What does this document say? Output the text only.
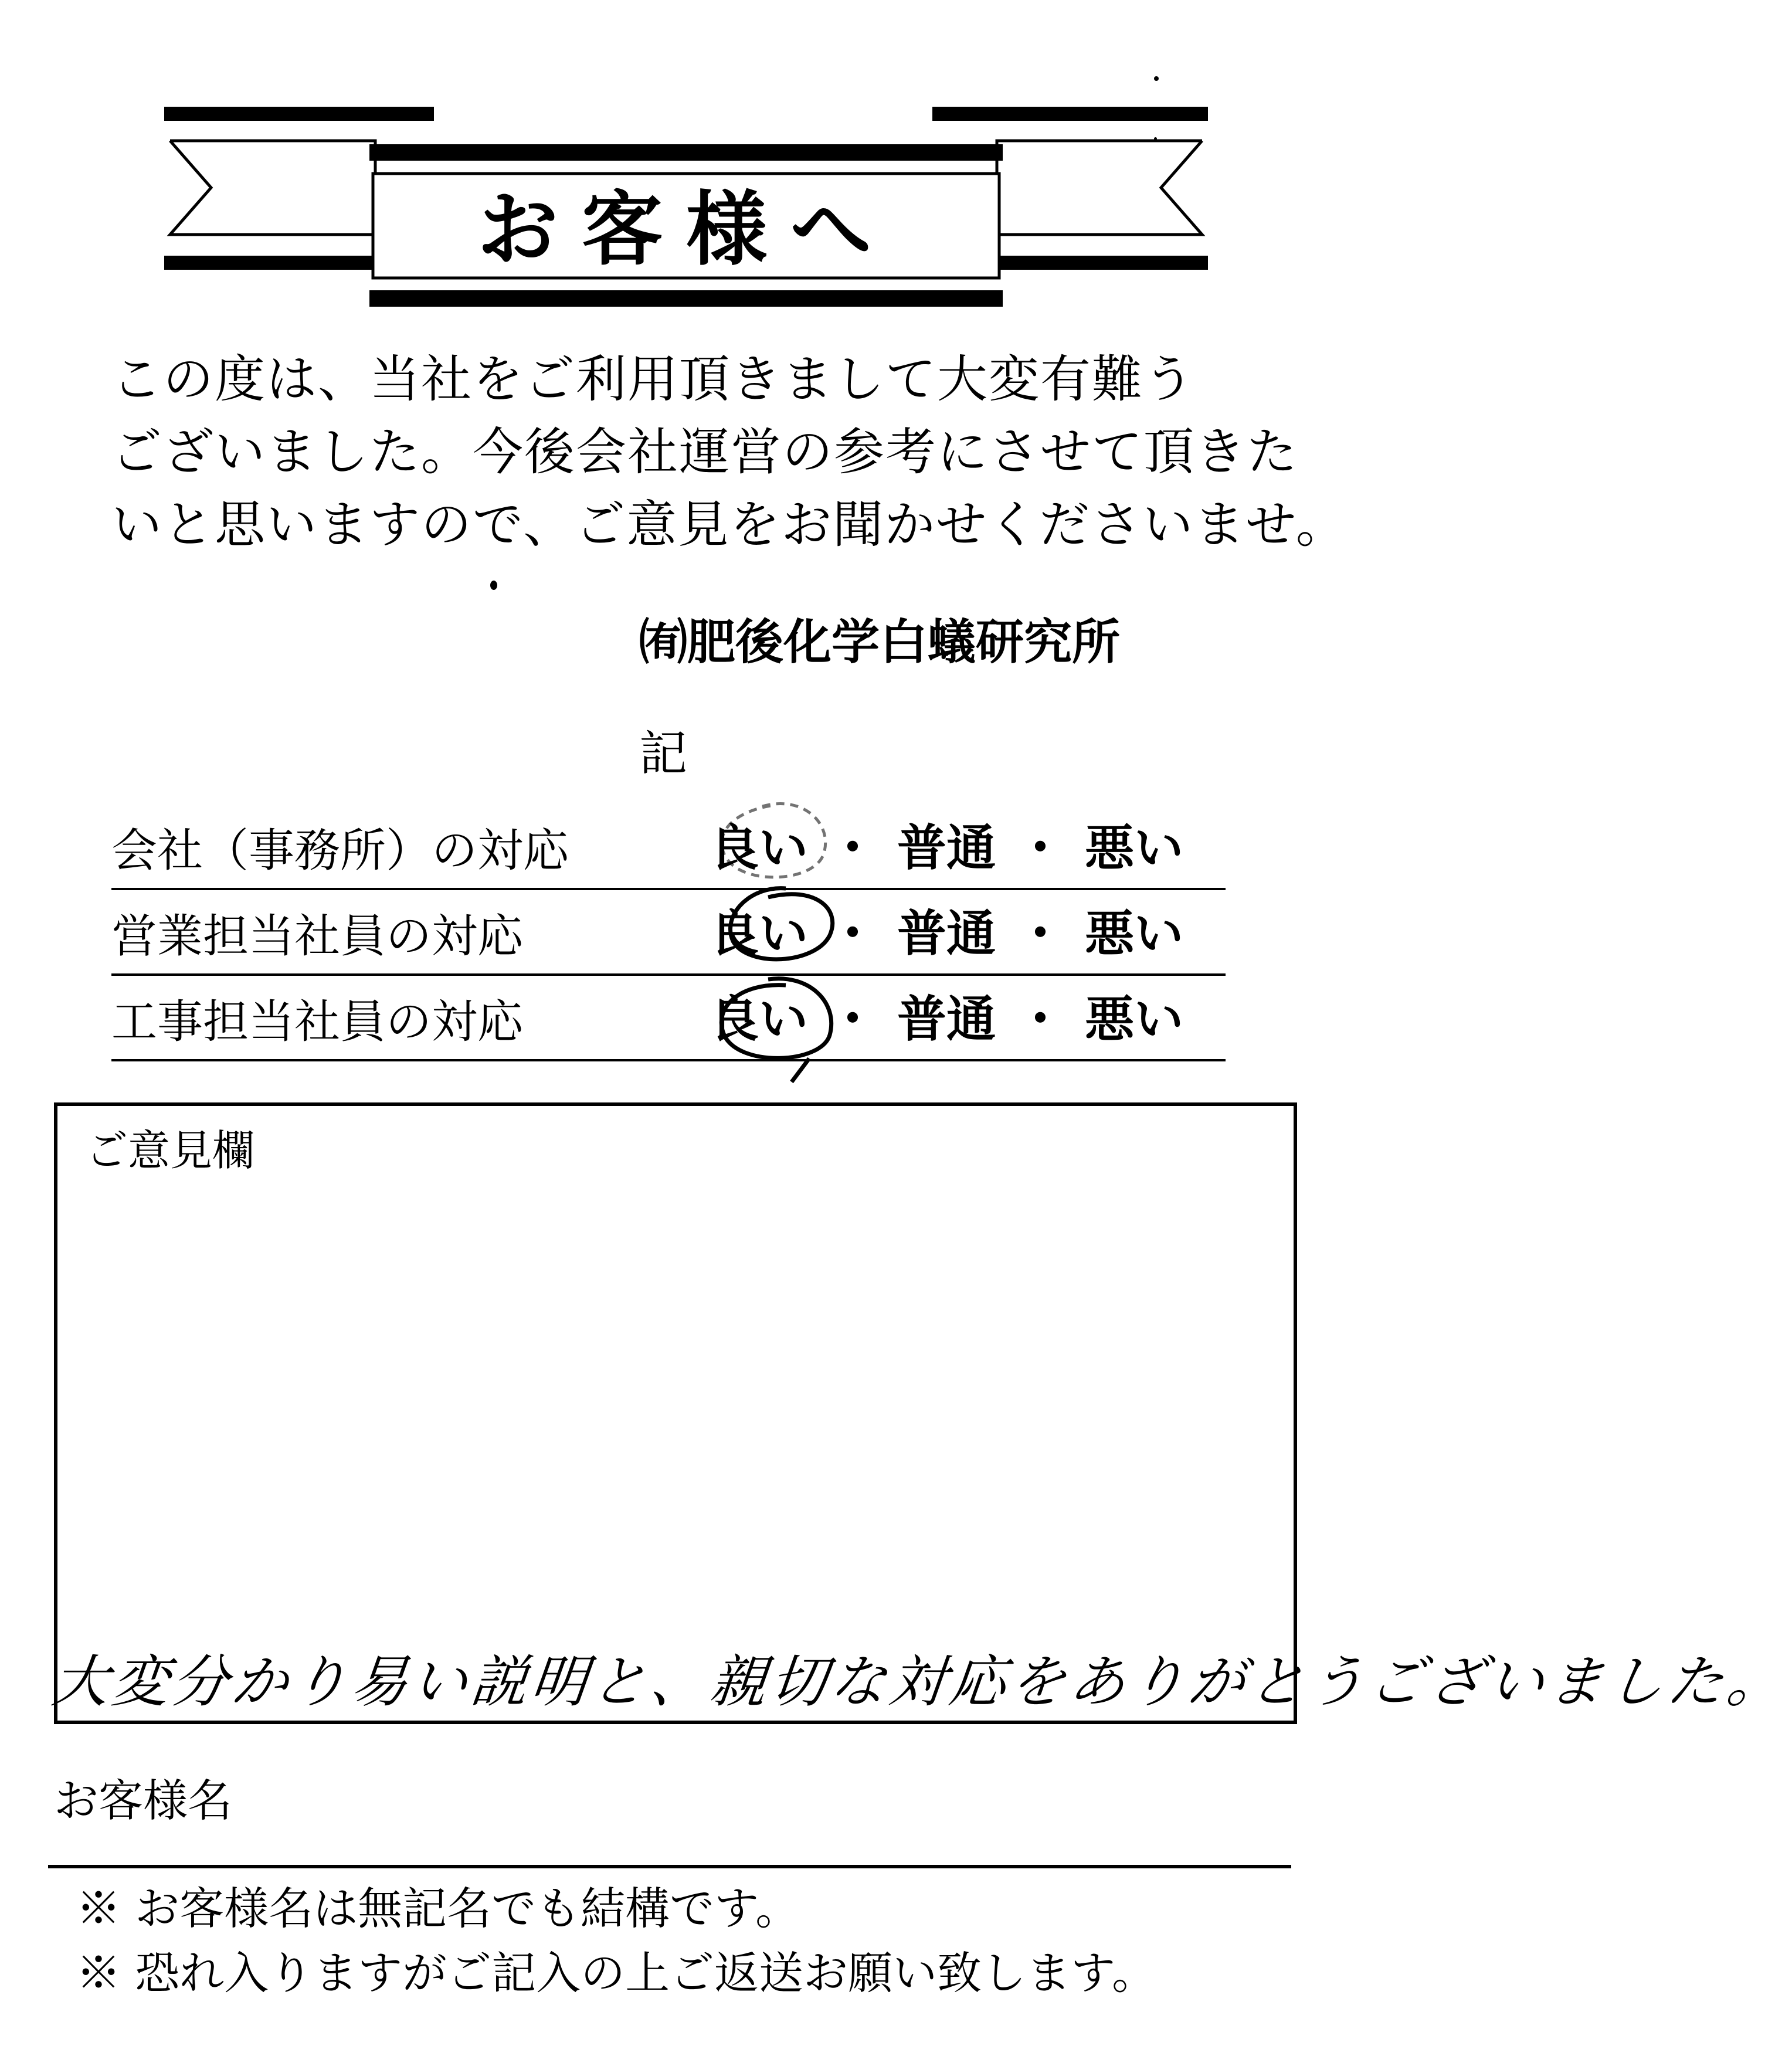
お客様へ
この度は、当社をご利用頂きまして大変有難う
ございました。今後会社運営の参考にさせて頂きた
いと思いますので、ご意見をお聞かせくださいませ。
㈲肥後化学白蟻研究所
記
会社（事務所）の対応	良い ・ 普通 ・ 悪い
営業担当社員の対応	良い ・ 普通 ・ 悪い
工事担当社員の対応	良い ・ 普通 ・ 悪い
ご意見欄
大変分かり易い説明と、親切な対応をありがとうございました。
お客様名
※ お客様名は無記名でも結構です。
※ 恐れ入りますがご記入の上ご返送お願い致します。
